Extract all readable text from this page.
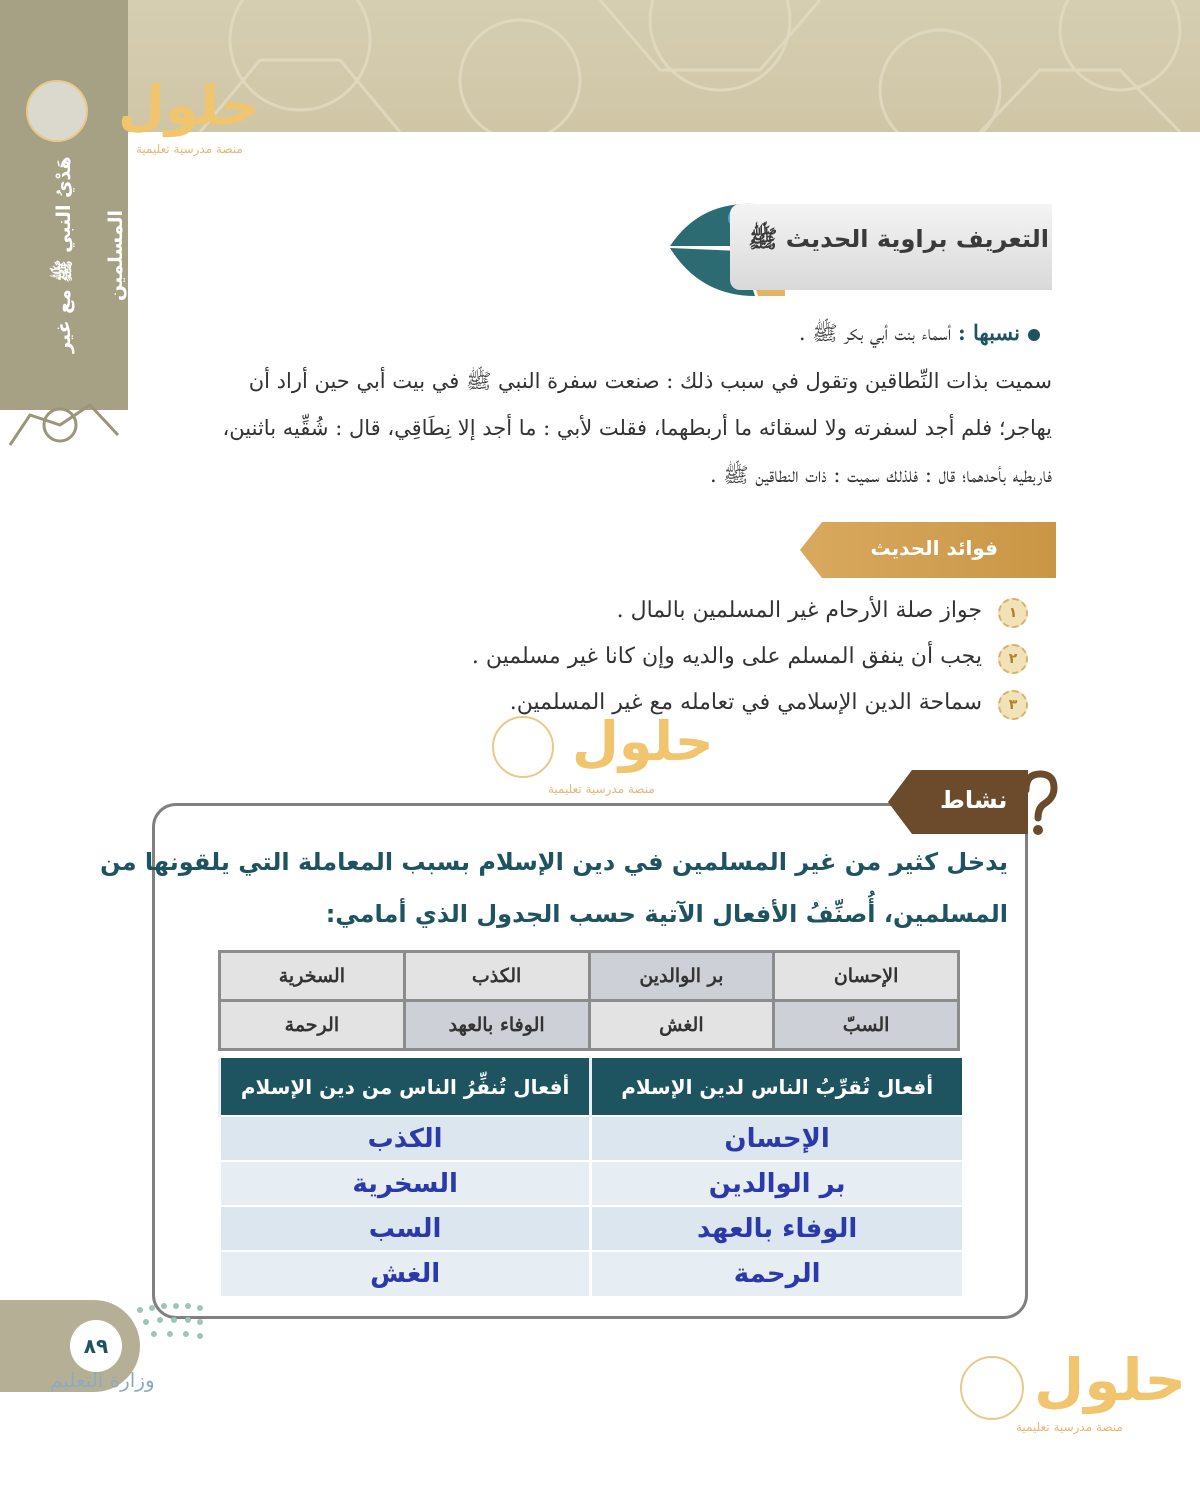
هَدْيُ النبي ﷺ مع غير المسلمين
حلول
منصة مدرسية تعليمية
التعريف براوية الحديث ﷺ
نسبها : أسماء بنت أبي بكر ﷺ .
سميت بذات النِّطاقين وتقول في سبب ذلك : صنعت سفرة النبي ﷺ في بيت أبي حين أراد أن
يهاجر؛ فلم أجد لسفرته ولا لسقائه ما أربطهما، فقلت لأبي : ما أجد إلا نِطَاقِي، قال : شُقِّيه باثنين،
فاربطيه بأحدهما؛ قال : فلذلك سميت : ذات النطاقين ﷺ .
فوائد الحديث
١
جواز صلة الأرحام غير المسلمين بالمال .
٢
يجب أن ينفق المسلم على والديه وإن كانا غير مسلمين .
٣
سماحة الدين الإسلامي في تعامله مع غير المسلمين.
حلول
منصة مدرسية تعليمية	نشاط
يدخل كثير من غير المسلمين في دين الإسلام بسبب المعاملة التي يلقونها من
المسلمين، أُصنِّفُ الأفعال الآتية حسب الجدول الذي أمامي:
السخرية	الكذب	بر الوالدين	الإحسان
الرحمة	الوفاء بالعهد	الغش	السبّ
أفعال تُنفِّرُ الناس من دين الإسلام	أفعال تُقرِّبُ الناس لدين الإسلام
الكذب	الإحسان
السخرية	بر الوالدين
السب	الوفاء بالعهد
الغش	الرحمة
٨٩
وزارة التعليم	حلول
منصة مدرسية تعليمية
